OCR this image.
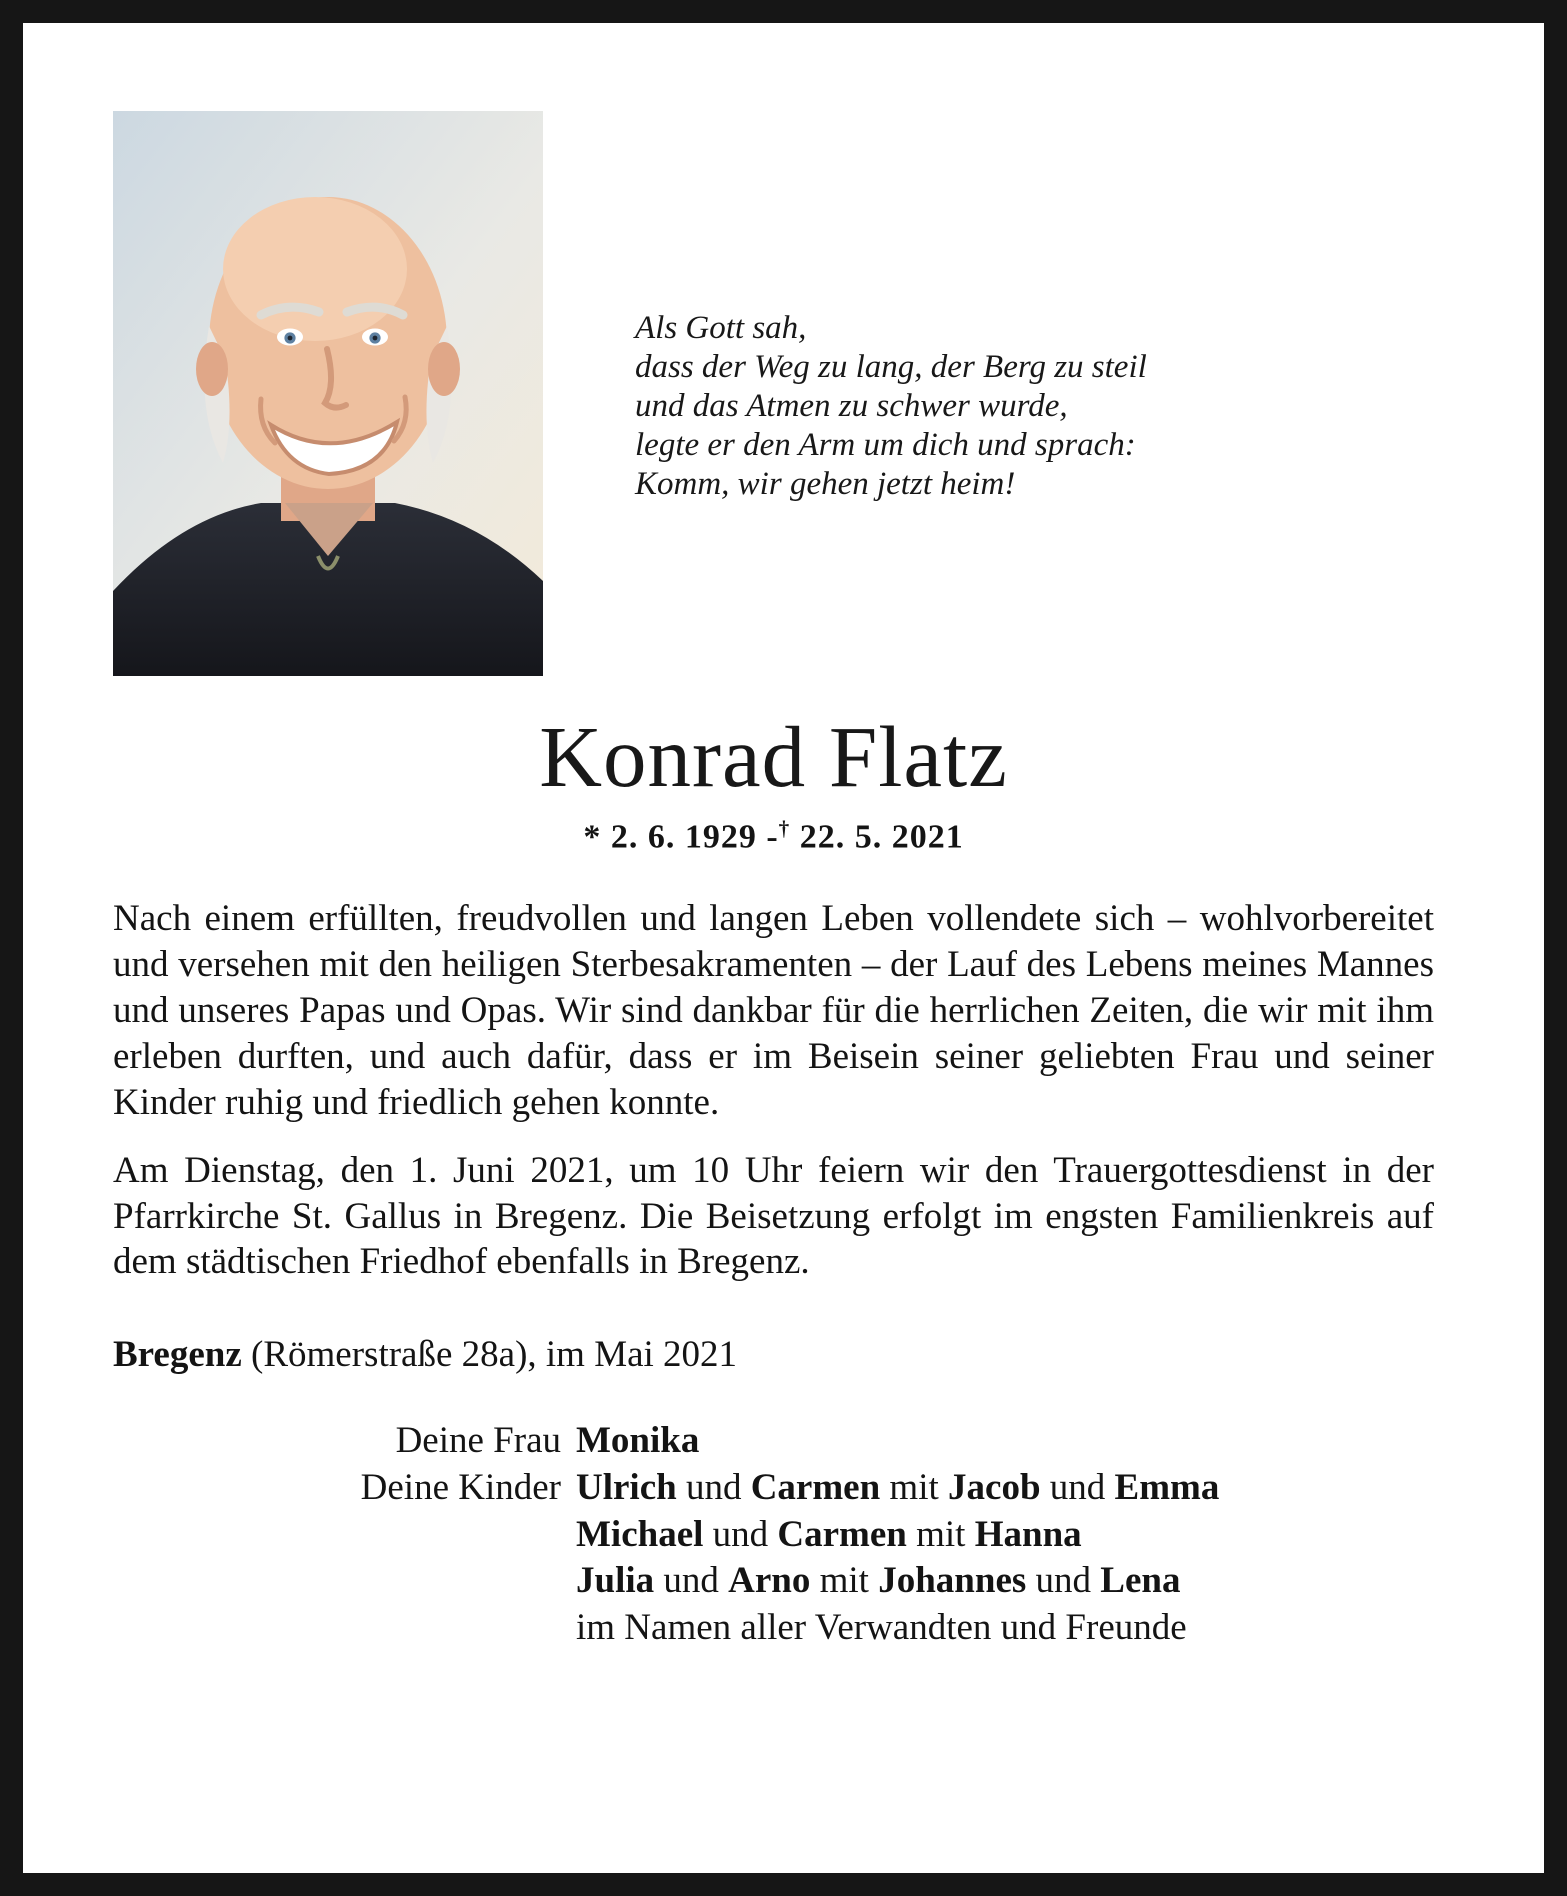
Als Gott sah,
dass der Weg zu lang, der Berg zu steil
und das Atmen zu schwer wurde,
legte er den Arm um dich und sprach:
Komm, wir gehen jetzt heim!
Konrad Flatz
* 2. 6. 1929 -† 22. 5. 2021

Nach einem erfüllten, freudvollen und langen Leben vollendete sich – wohlvorbereitet und versehen mit den heiligen Sterbesakramenten – der Lauf des Lebens meines Mannes und unseres Papas und Opas. Wir sind dankbar für die herrlichen Zeiten, die wir mit ihm erleben durften, und auch dafür, dass er im Beisein seiner geliebten Frau und seiner Kinder ruhig und friedlich gehen konnte.

Am Dienstag, den 1. Juni 2021, um 10 Uhr feiern wir den Trauergottesdienst in der Pfarrkirche St. Gallus in Bregenz. Die Beisetzung erfolgt im engsten Familienkreis auf dem städtischen Friedhof ebenfalls in Bregenz.

Bregenz (Römerstraße 28a), im Mai 2021

Deine Frau Monika
Deine Kinder Ulrich und Carmen mit Jacob und Emma
Michael und Carmen mit Hanna
Julia und Arno mit Johannes und Lena
im Namen aller Verwandten und Freunde
